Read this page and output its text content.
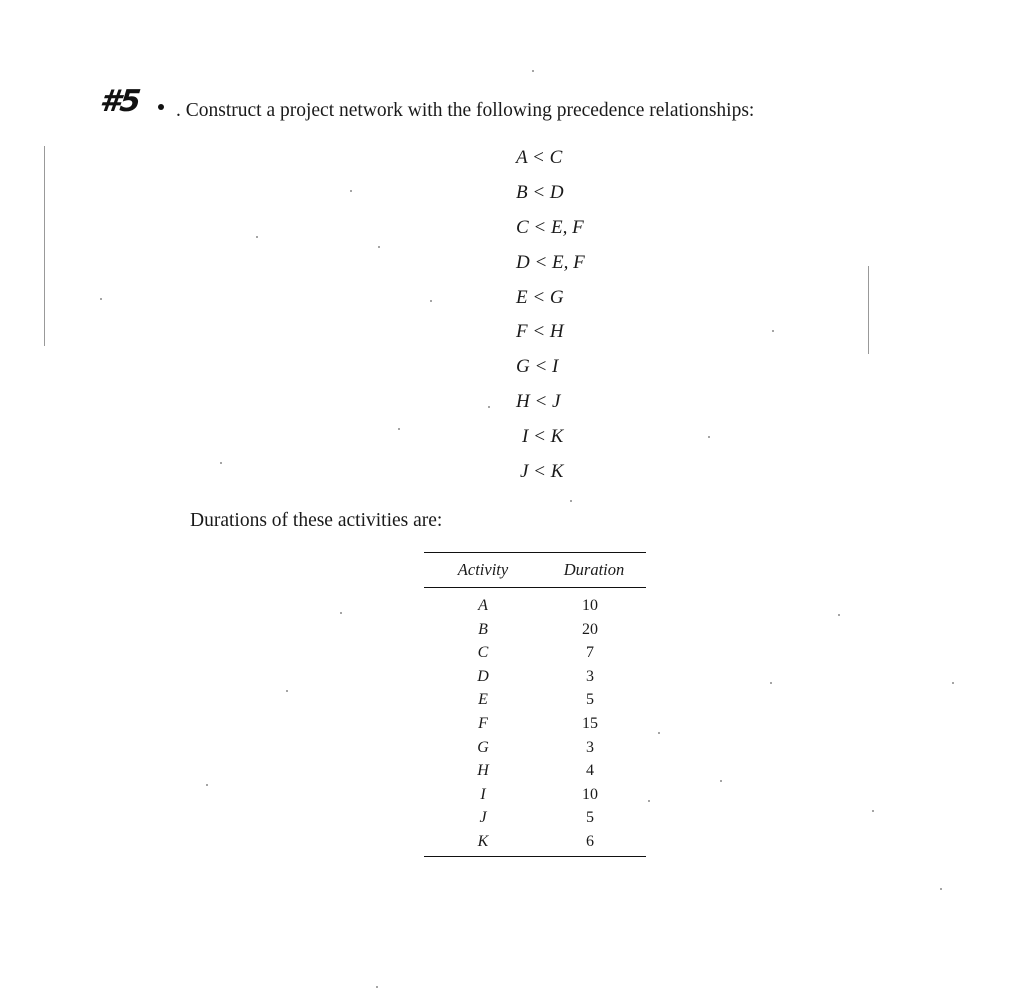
#5 . Construct a project network with the following precedence relationships:
A < C
B < D
C < E, F
D < E, F
E < G
F < H
G < I
H < J
I < K
J < K
Durations of these activities are:
Activity	Duration
A	10
B	20
C	7
D	3
E	5
F	15
G	3
H	4
I	10
J	5
K	6
